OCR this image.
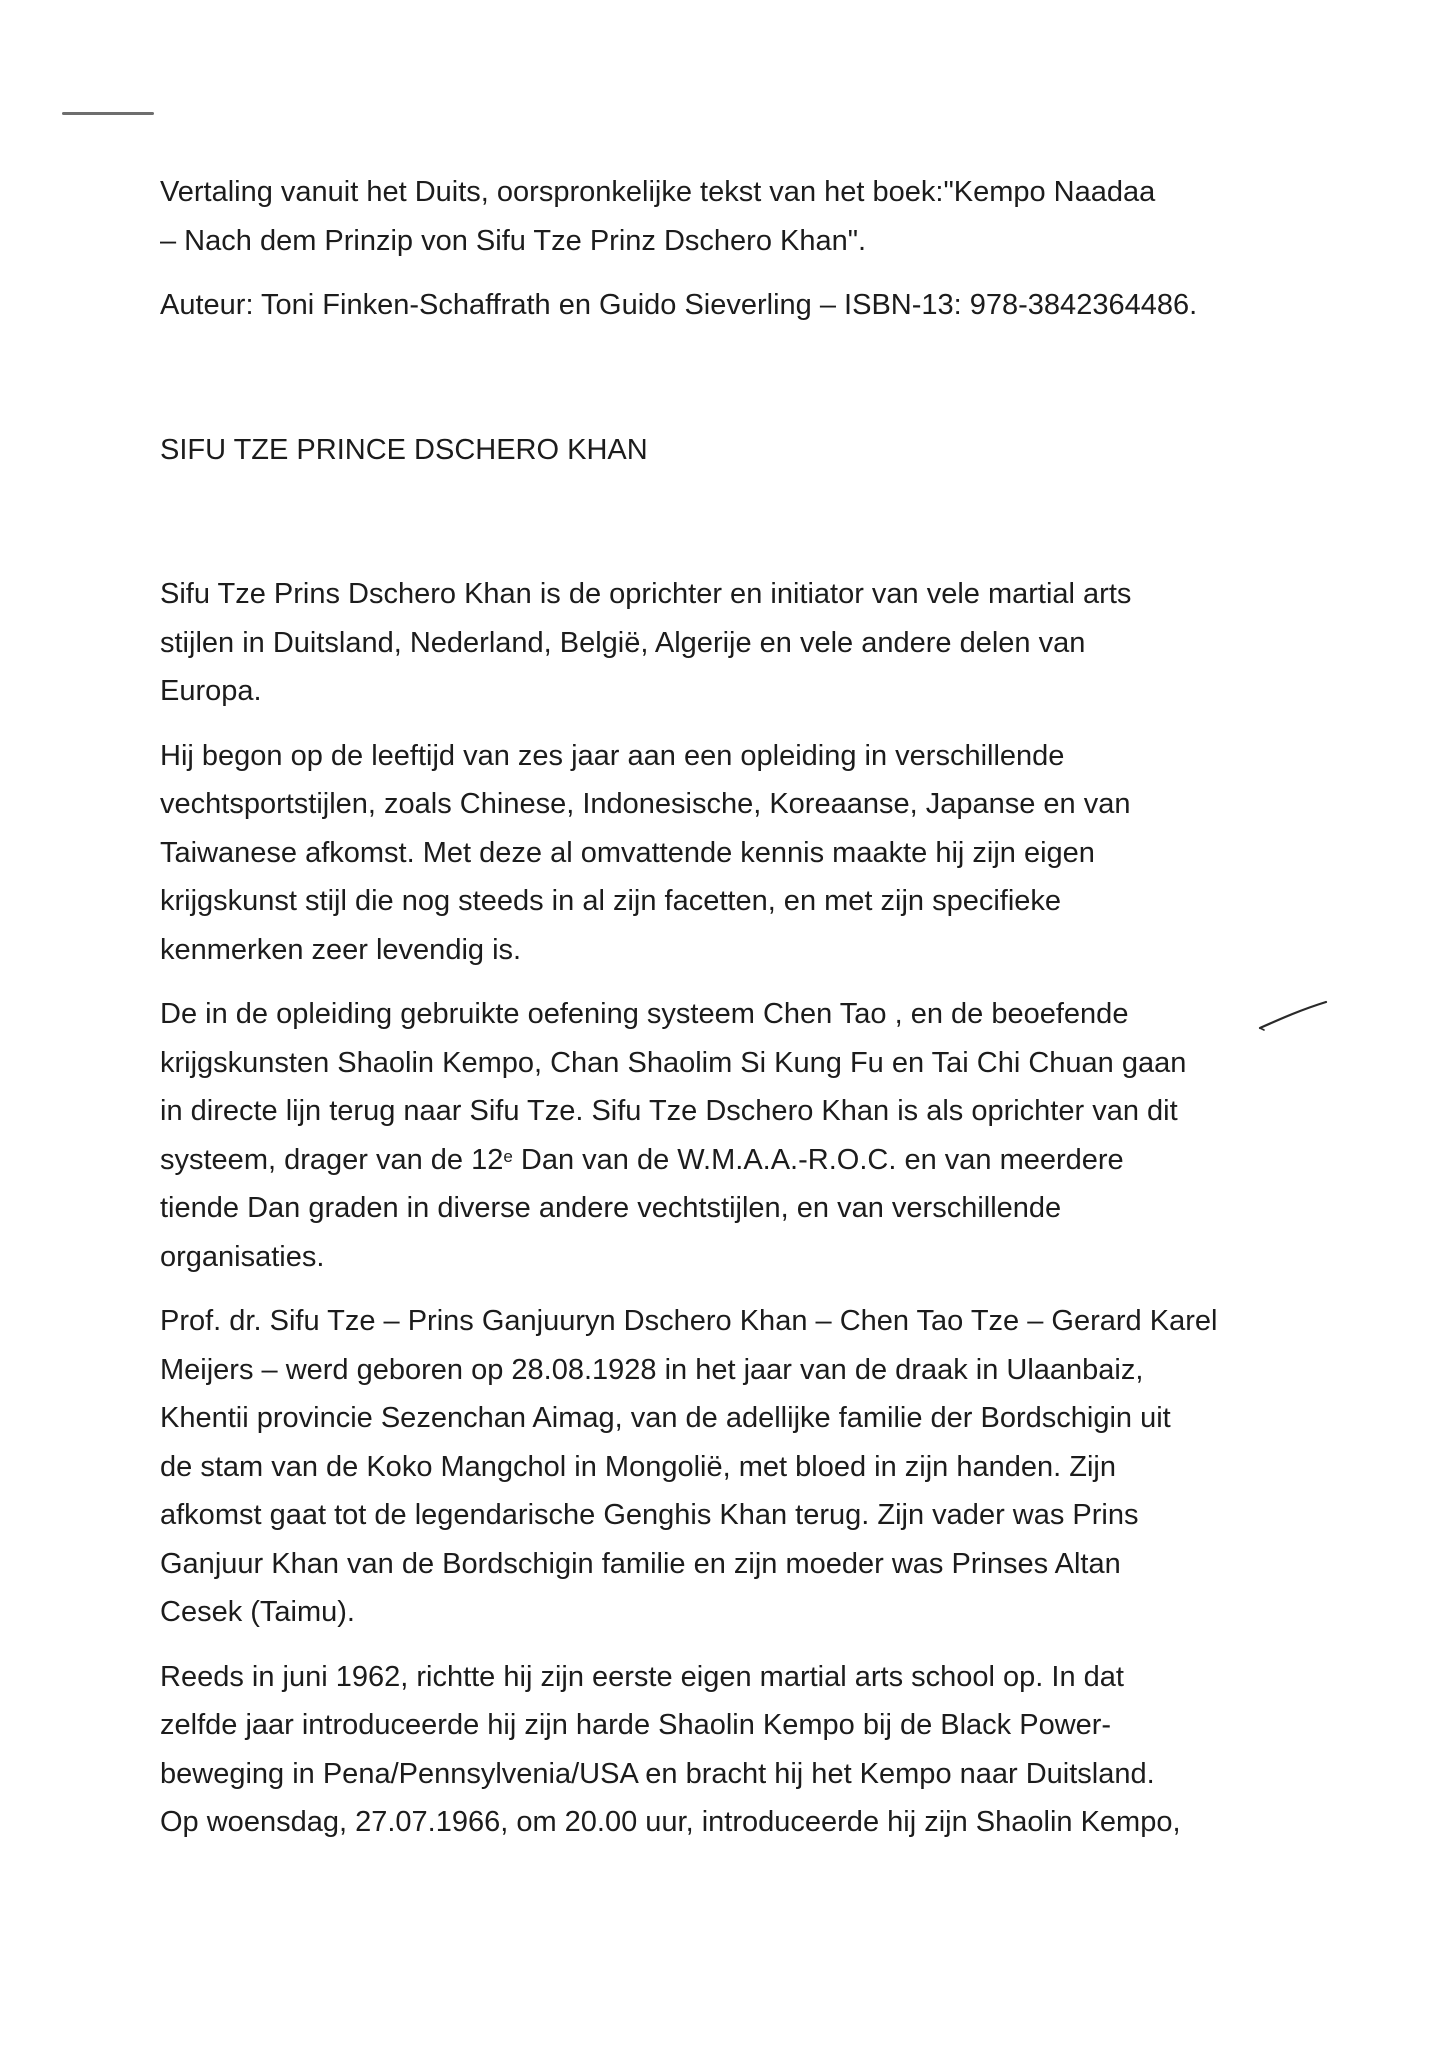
Vertaling vanuit het Duits, oorspronkelijke tekst van het boek:"Kempo Naadaa
– Nach dem Prinzip von Sifu Tze Prinz Dschero Khan".

Auteur: Toni Finken-Schaffrath en Guido Sieverling – ISBN-13: 978-3842364486.

SIFU TZE PRINCE DSCHERO KHAN

Sifu Tze Prins Dschero Khan is de oprichter en initiator van vele martial arts
stijlen in Duitsland, Nederland, België, Algerije en vele andere delen van
Europa.

Hij begon op de leeftijd van zes jaar aan een opleiding in verschillende
vechtsportstijlen, zoals Chinese, Indonesische, Koreaanse, Japanse en van
Taiwanese afkomst. Met deze al omvattende kennis maakte hij zijn eigen
krijgskunst stijl die nog steeds in al zijn facetten, en met zijn specifieke
kenmerken zeer levendig is.

De in de opleiding gebruikte oefening systeem Chen Tao , en de beoefende
krijgskunsten Shaolin Kempo, Chan Shaolim Si Kung Fu en Tai Chi Chuan gaan
in directe lijn terug naar Sifu Tze. Sifu Tze Dschero Khan is als oprichter van dit
systeem, drager van de 12e Dan van de W.M.A.A.-R.O.C. en van meerdere
tiende Dan graden in diverse andere vechtstijlen, en van verschillende
organisaties.

Prof. dr. Sifu Tze – Prins Ganjuuryn Dschero Khan – Chen Tao Tze – Gerard Karel
Meijers – werd geboren op 28.08.1928 in het jaar van de draak in Ulaanbaiz,
Khentii provincie Sezenchan Aimag, van de adellijke familie der Bordschigin uit
de stam van de Koko Mangchol in Mongolië, met bloed in zijn handen. Zijn
afkomst gaat tot de legendarische Genghis Khan terug. Zijn vader was Prins
Ganjuur Khan van de Bordschigin familie en zijn moeder was Prinses Altan
Cesek (Taimu).

Reeds in juni 1962, richtte hij zijn eerste eigen martial arts school op. In dat
zelfde jaar introduceerde hij zijn harde Shaolin Kempo bij de Black Power-
beweging in Pena/Pennsylvenia/USA en bracht hij het Kempo naar Duitsland.
Op woensdag, 27.07.1966, om 20.00 uur, introduceerde hij zijn Shaolin Kempo,
